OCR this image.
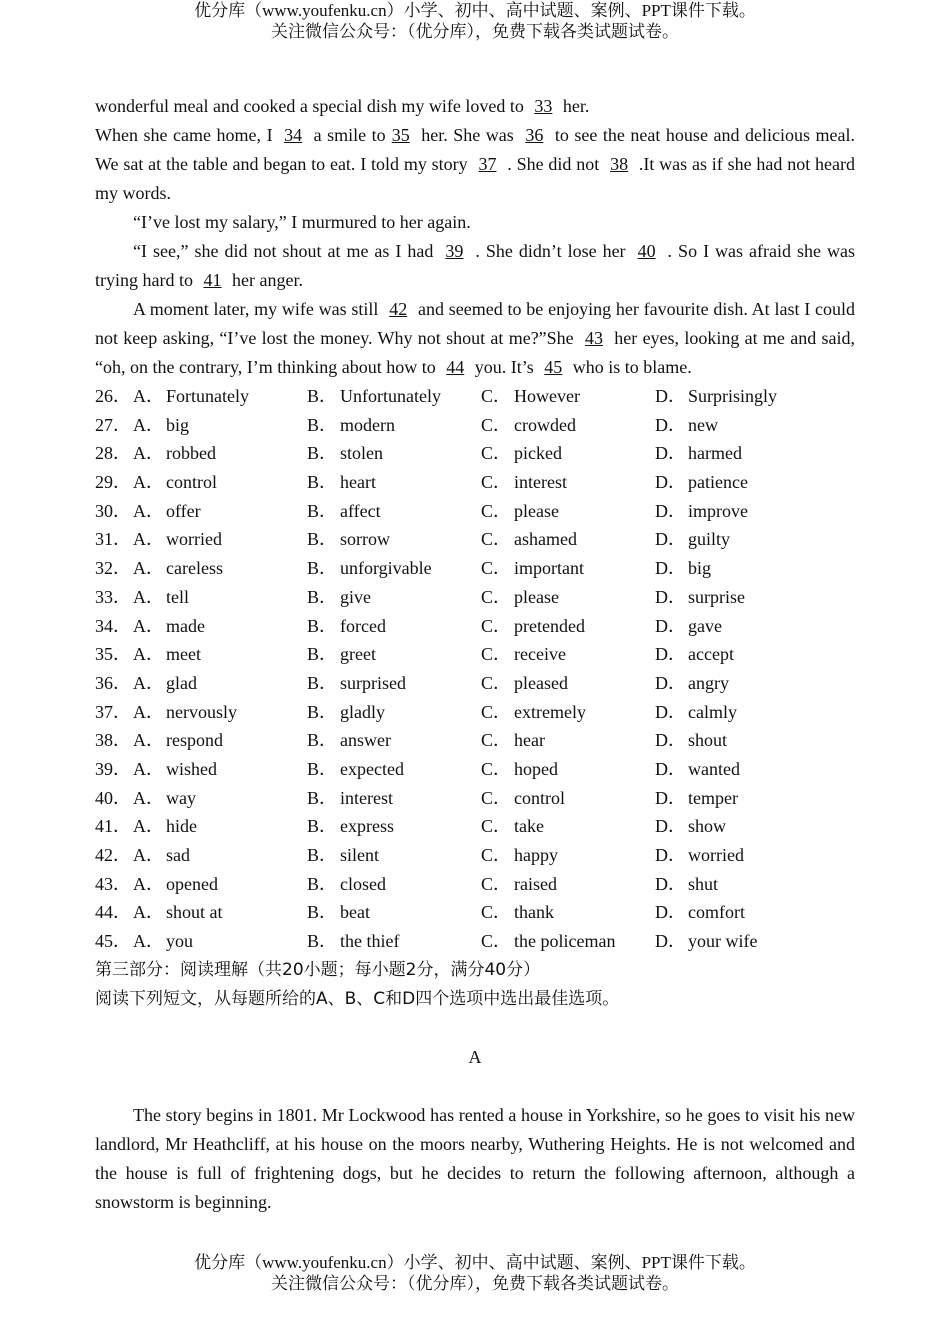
优分库（www.youfenku.cn）小学、初中、高中试题、案例、PPT课件下载。
关注微信公众号：（优分库），免费下载各类试题试卷。

wonderful meal and cooked a special dish my wife loved to 33 her.

When she came home, I 34 a smile to 35 her. She was 36 to see the neat house and delicious meal. We sat at the table and began to eat. I told my story 37 . She did not 38 .It was as if she had not heard my words.

“I’ve lost my salary,” I murmured to her again.

“I see,” she did not shout at me as I had 39 . She didn’t lose her 40 . So I was afraid she was trying hard to 41 her anger.

A moment later, my wife was still 42 and seemed to be enjoying her favourite dish. At last I could not keep asking, “I’ve lost the money. Why not shout at me?”She 43 her eyes, looking at me and said, “oh, on the contrary, I’m thinking about how to 44 you. It’s 45 who is to blame.

26． A． Fortunately	B． Unfortunately	C． However	D． Surprisingly
27． A． big	B． modern	C． crowded	D． new
28． A． robbed	B． stolen	C． picked	D． harmed
29． A． control	B． heart	C． interest	D． patience
30． A． offer	B． affect	C． please	D． improve
31． A． worried	B． sorrow	C． ashamed	D． guilty
32． A． careless	B． unforgivable	C． important	D． big
33． A． tell	B． give	C． please	D． surprise
34． A． made	B． forced	C． pretended	D． gave
35． A． meet	B． greet	C． receive	D． accept
36． A． glad	B． surprised	C． pleased	D． angry
37． A． nervously	B． gladly	C． extremely	D． calmly
38． A． respond	B． answer	C． hear	D． shout
39． A． wished	B． expected	C． hoped	D． wanted
40． A． way	B． interest	C． control	D． temper
41． A． hide	B． express	C． take	D． show
42． A． sad	B． silent	C． happy	D． worried
43． A． opened	B． closed	C． raised	D． shut
44． A． shout at	B． beat	C． thank	D． comfort
45． A． you	B． the thief	C． the policeman	D． your wife

第三部分：阅读理解（共20小题；每小题2分，满分40分）

阅读下列短文，从每题所给的A、B、C和D四个选项中选出最佳选项。

A

The story begins in 1801. Mr Lockwood has rented a house in Yorkshire, so he goes to visit his new landlord, Mr Heathcliff, at his house on the moors nearby, Wuthering Heights. He is not welcomed and the house is full of frightening dogs, but he decides to return the following afternoon, although a snowstorm is beginning.

优分库（www.youfenku.cn）小学、初中、高中试题、案例、PPT课件下载。
关注微信公众号：（优分库），免费下载各类试题试卷。
